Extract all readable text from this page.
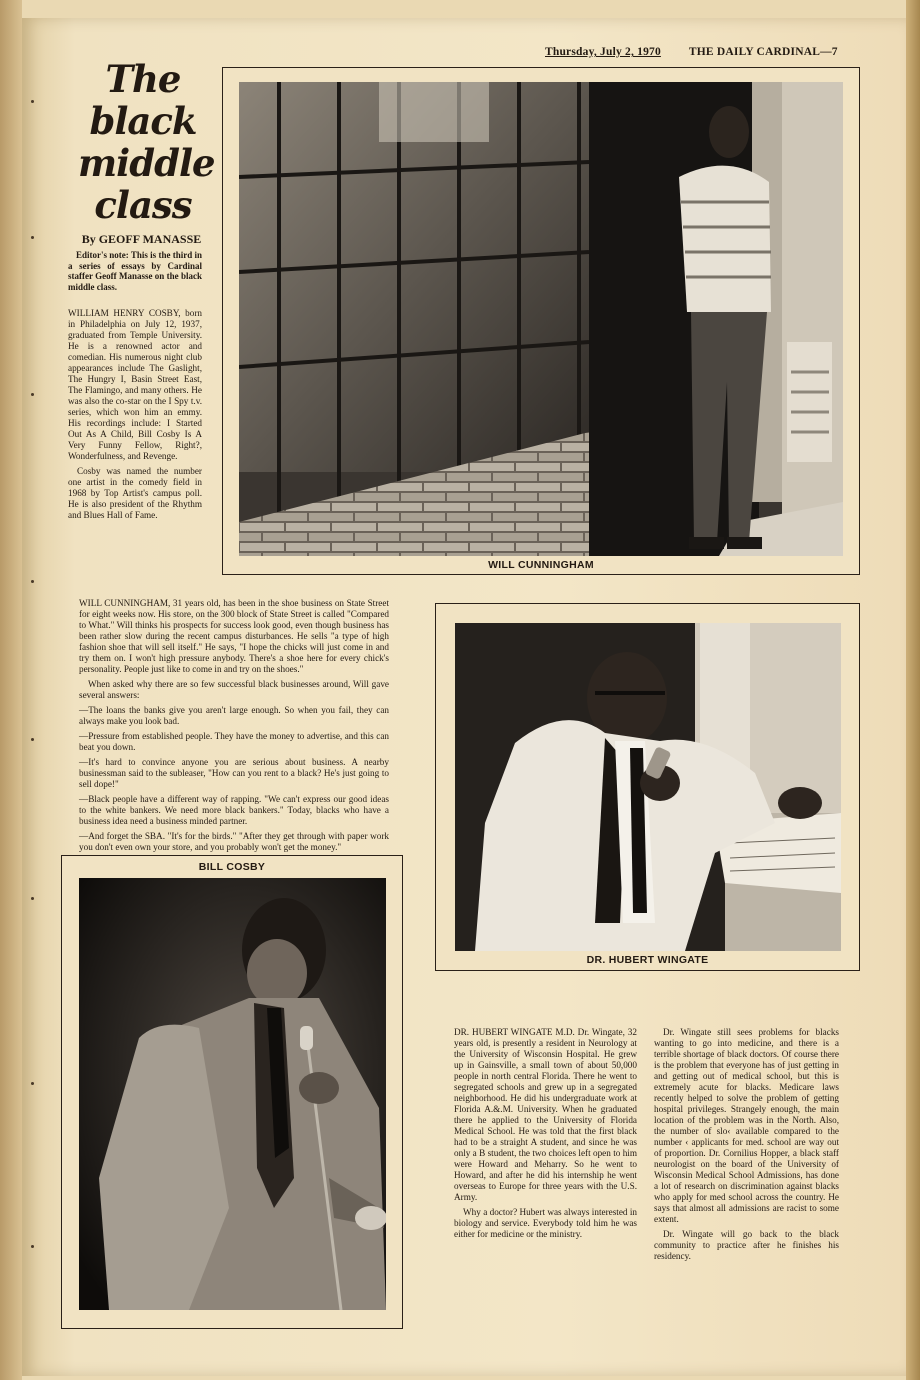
Thursday, July 2, 1970 THE DAILY CARDINAL—7
The
black
middle
class
By GEOFF MANASSE
Editor's note: This is the third in a series of essays by Cardinal staffer Geoff Manasse on the black middle class.

WILLIAM HENRY COSBY, born in Philadelphia on July 12, 1937, graduated from Temple University. He is a renowned actor and comedian. His numerous night club appearances include The Gaslight, The Hungry I, Basin Street East, The Flamingo, and many others. He was also the co-star on the I Spy t.v. series, which won him an emmy. His recordings include: I Started Out As A Child, Bill Cosby Is A Very Funny Fellow, Right?, Wonderfulness, and Revenge.

Cosby was named the number one artist in the comedy field in 1968 by Top Artist's campus poll. He is also president of the Rhythm and Blues Hall of Fame.

WILL CUNNINGHAM

WILL CUNNINGHAM, 31 years old, has been in the shoe business on State Street for eight weeks now. His store, on the 300 block of State Street is called "Compared to What." Will thinks his prospects for success look good, even though business has been rather slow during the recent campus disturbances. He sells "a type of high fashion shoe that will sell itself." He says, "I hope the chicks will just come in and try them on. I won't high pressure anybody. There's a shoe here for every chick's personality. People just like to come in and try on the shoes."

When asked why there are so few successful black businesses around, Will gave several answers:

—The loans the banks give you aren't large enough. So when you fail, they can always make you look bad.

—Pressure from established people. They have the money to advertise, and this can beat you down.

—It's hard to convince anyone you are serious about business. A nearby businessman said to the subleaser, "How can you rent to a black? He's just going to sell dope!"

—Black people have a different way of rapping. "We can't express our good ideas to the white bankers. We need more black bankers." Today, blacks who have a business idea need a business minded partner.

—And forget the SBA. "It's for the birds." "After they get through with paper work you don't even own your store, and you probably won't get the money."

DR. HUBERT WINGATE
BILL COSBY

DR. HUBERT WINGATE M.D. Dr. Wingate, 32 years old, is presently a resident in Neurology at the University of Wisconsin Hospital. He grew up in Gainsville, a small town of about 50,000 people in north central Florida. There he went to segregated schools and grew up in a segregated neighborhood. He did his undergraduate work at Florida A.&.M. University. When he graduated there he applied to the University of Florida Medical School. He was told that the first black had to be a straight A student, and since he was only a B student, the two choices left open to him were Howard and Meharry. So he went to Howard, and after he did his internship he went overseas to Europe for three years with the U.S. Army.

Why a doctor? Hubert was always interested in biology and service. Everybody told him he was either for medicine or the ministry.

Dr. Wingate still sees problems for blacks wanting to go into medicine, and there is a terrible shortage of black doctors. Of course there is the problem that everyone has of just getting in and getting out of medical school, but this is extremely acute for blacks. Medicare laws recently helped to solve the problem of getting hospital privileges. Strangely enough, the main location of the problem was in the North. Also, the number of slo‹ available compared to the number ‹ applicants for med. school are way out of proportion. Dr. Cornilius Hopper, a black staff neurologist on the board of the University of Wisconsin Medical School Admissions, has done a lot of research on discrimination against blacks who apply for med school across the country. He says that almost all admissions are racist to some extent.

Dr. Wingate will go back to the black community to practice after he finishes his residency.
